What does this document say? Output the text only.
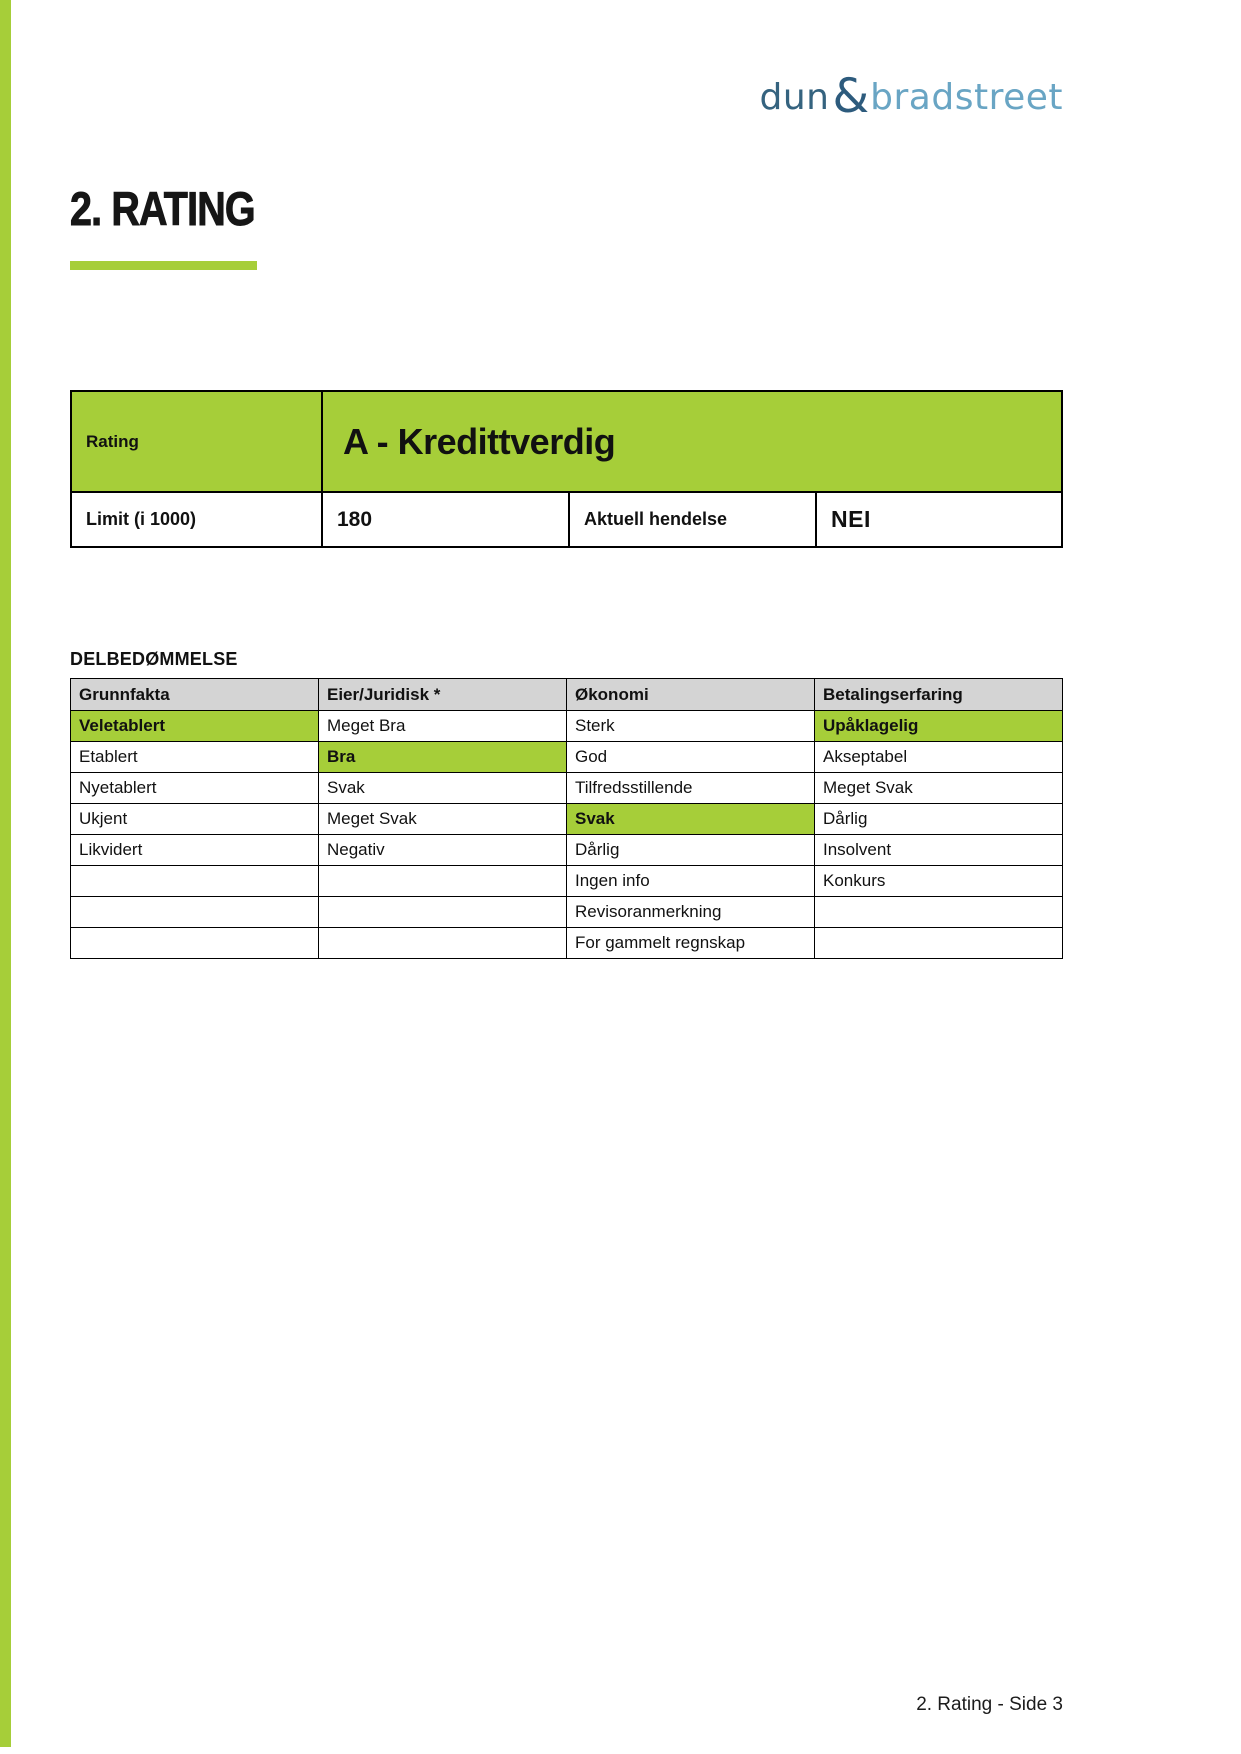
dun & bradstreet
2. RATING
Rating	A - Kredittverdig
Limit (i 1000)	180	Aktuell hendelse	NEI
DELBEDØMMELSE
Grunnfakta	Eier/Juridisk *	Økonomi	Betalingserfaring
Veletablert	Meget Bra	Sterk	Upåklagelig
Etablert	Bra	God	Akseptabel
Nyetablert	Svak	Tilfredsstillende	Meget Svak
Ukjent	Meget Svak	Svak	Dårlig
Likvidert	Negativ	Dårlig	Insolvent
		Ingen info	Konkurs
		Revisoranmerkning	
		For gammelt regnskap	
2. Rating - Side 3
